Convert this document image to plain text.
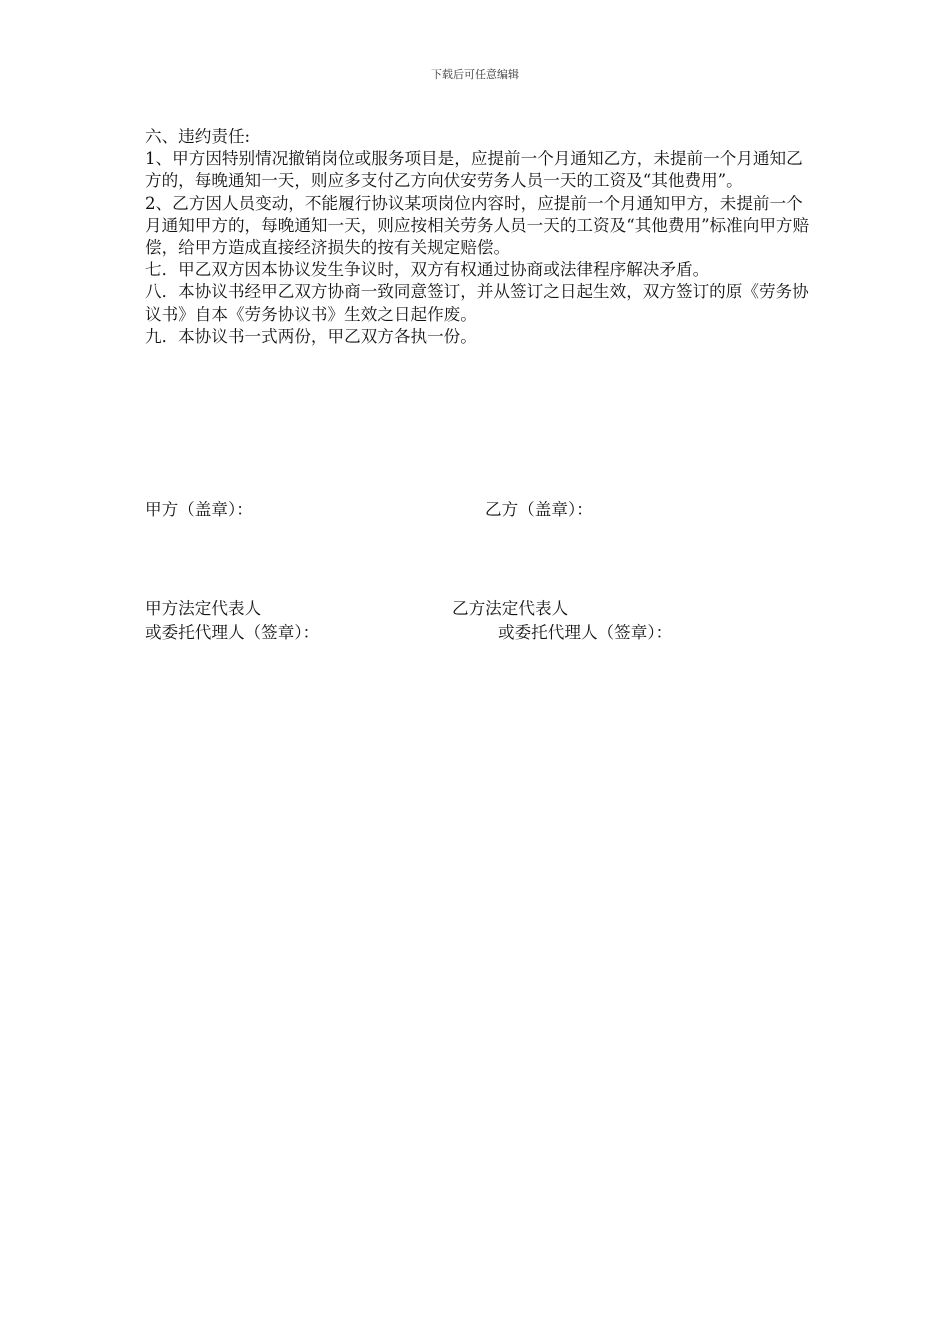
下载后可任意编辑

六、违约责任:

1、甲方因特别情况撤销岗位或服务项目是，应提前一个月通知乙方，未提前一个月通知乙方的，每晚通知一天，则应多支付乙方向伏安劳务人员一天的工资及“其他费用”。

2、乙方因人员变动，不能履行协议某项岗位内容时，应提前一个月通知甲方，未提前一个月通知甲方的，每晚通知一天，则应按相关劳务人员一天的工资及“其他费用”标准向甲方赔偿，给甲方造成直接经济损失的按有关规定赔偿。

七．甲乙双方因本协议发生争议时，双方有权通过协商或法律程序解决矛盾。

八．本协议书经甲乙双方协商一致同意签订，并从签订之日起生效，双方签订的原《劳务协议书》自本《劳务协议书》生效之日起作废。

九．本协议书一式两份，甲乙双方各执一份。

甲方（盖章）：	乙方（盖章）：
甲方法定代表人
或委托代理人（签章）：
乙方法定代表人
或委托代理人（签章）：
